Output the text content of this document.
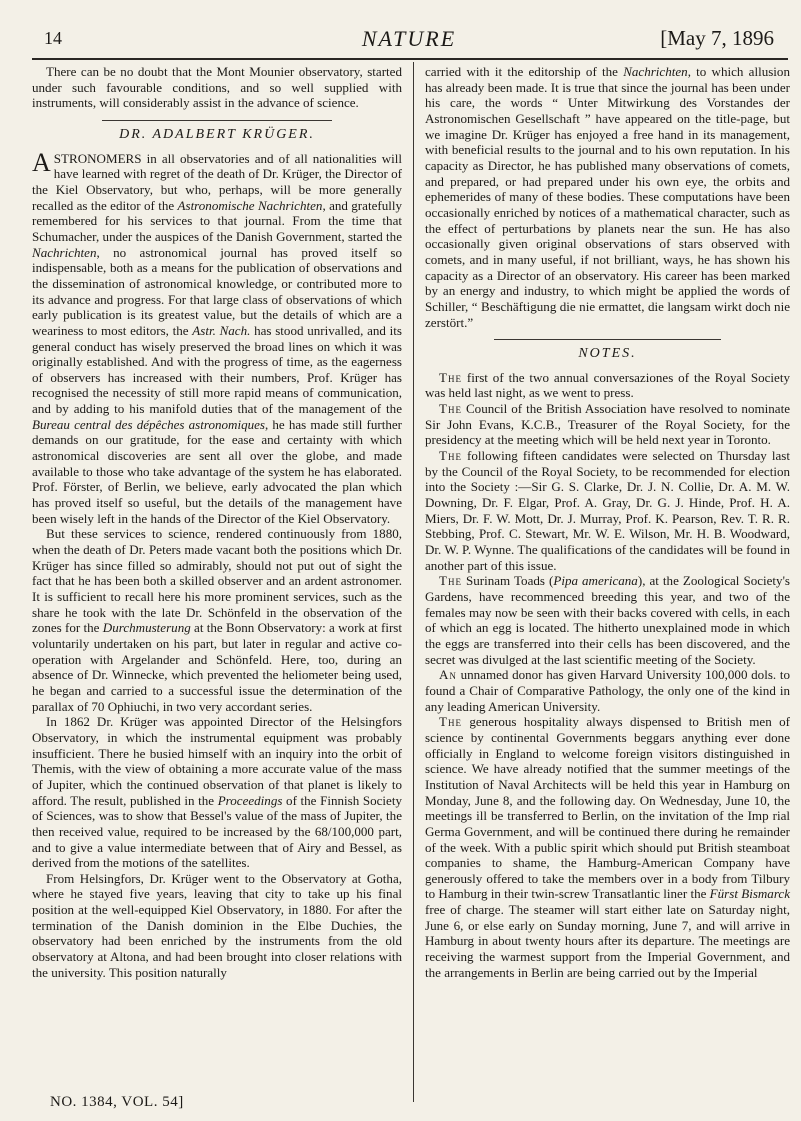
14	NATURE	[May 7, 1896

There can be no doubt that the Mont Mounier observatory, started under such favourable conditions, and so well supplied with instruments, will considerably assist in the advance of science.

DR. ADALBERT KRÜGER.

ASTRONOMERS in all observatories and of all nationalities will have learned with regret of the death of Dr. Krüger, the Director of the Kiel Observatory, but who, perhaps, will be more generally recalled as the editor of the Astronomische Nachrichten, and gratefully remembered for his services to that journal. From the time that Schumacher, under the auspices of the Danish Government, started the Nachrichten, no astronomical journal has proved itself so indispensable, both as a means for the publication of observations and the dissemination of astronomical knowledge, or contributed more to its advance and progress. For that large class of observations of which early publication is its greatest value, but the details of which are a weariness to most editors, the Astr. Nach. has stood unrivalled, and its general conduct has wisely preserved the broad lines on which it was originally established. And with the progress of time, as the eagerness of observers has increased with their numbers, Prof. Krüger has recognised the necessity of still more rapid means of communication, and by adding to his manifold duties that of the management of the Bureau central des dépêches astronomiques, he has made still further demands on our gratitude, for the ease and certainty with which astronomical discoveries are sent all over the globe, and made available to those who take advantage of the system he has elaborated. Prof. Förster, of Berlin, we believe, early advocated the plan which has proved itself so useful, but the details of the management have been wisely left in the hands of the Director of the Kiel Observatory.

But these services to science, rendered continuously from 1880, when the death of Dr. Peters made vacant both the positions which Dr. Krüger has since filled so admirably, should not put out of sight the fact that he has been both a skilled observer and an ardent astronomer. It is sufficient to recall here his more prominent services, such as the share he took with the late Dr. Schönfeld in the observation of the zones for the Durchmusterung at the Bonn Observatory: a work at first voluntarily undertaken on his part, but later in regular and active co-operation with Argelander and Schönfeld. Here, too, during an absence of Dr. Winnecke, which prevented the heliometer being used, he began and carried to a successful issue the determination of the parallax of 70 Ophiuchi, in two very accordant series.

In 1862 Dr. Krüger was appointed Director of the Helsingfors Observatory, in which the instrumental equipment was probably insufficient. There he busied himself with an inquiry into the orbit of Themis, with the view of obtaining a more accurate value of the mass of Jupiter, which the continued observation of that planet is likely to afford. The result, published in the Proceedings of the Finnish Society of Sciences, was to show that Bessel's value of the mass of Jupiter, the then received value, required to be increased by the 68/100,000 part, and to give a value intermediate between that of Airy and Bessel, as derived from the motions of the satellites.

From Helsingfors, Dr. Krüger went to the Observatory at Gotha, where he stayed five years, leaving that city to take up his final position at the well-equipped Kiel Observatory, in 1880. For after the termination of the Danish dominion in the Elbe Duchies, the observatory had been enriched by the instruments from the old observatory at Altona, and had been brought into closer relations with the university. This position naturally

carried with it the editorship of the Nachrichten, to which allusion has already been made. It is true that since the journal has been under his care, the words “ Unter Mitwirkung des Vorstandes der Astronomischen Gesellschaft ” have appeared on the title-page, but we imagine Dr. Krüger has enjoyed a free hand in its management, with beneficial results to the journal and to his own reputation. In his capacity as Director, he has published many observations of comets, and prepared, or had prepared under his own eye, the orbits and ephemerides of many of these bodies. These computations have been occasionally enriched by notices of a mathematical character, such as the effect of perturbations by planets near the sun. He has also occasionally given original observations of stars observed with comets, and in many useful, if not brilliant, ways, he has shown his capacity as a Director of an observatory. His career has been marked by an energy and industry, to which might be applied the words of Schiller, “ Beschäftigung die nie ermattet, die langsam wirkt doch nie zerstört.”

NOTES.

The first of the two annual conversaziones of the Royal Society was held last night, as we went to press.

The Council of the British Association have resolved to nominate Sir John Evans, K.C.B., Treasurer of the Royal Society, for the presidency at the meeting which will be held next year in Toronto.

The following fifteen candidates were selected on Thursday last by the Council of the Royal Society, to be recommended for election into the Society :—Sir G. S. Clarke, Dr. J. N. Collie, Dr. A. M. W. Downing, Dr. F. Elgar, Prof. A. Gray, Dr. G. J. Hinde, Prof. H. A. Miers, Dr. F. W. Mott, Dr. J. Murray, Prof. K. Pearson, Rev. T. R. R. Stebbing, Prof. C. Stewart, Mr. W. E. Wilson, Mr. H. B. Woodward, Dr. W. P. Wynne. The qualifications of the candidates will be found in another part of this issue.

The Surinam Toads (Pipa americana), at the Zoological Society's Gardens, have recommenced breeding this year, and two of the females may now be seen with their backs covered with cells, in each of which an egg is located. The hitherto unexplained mode in which the eggs are transferred into their cells has been discovered, and the secret was divulged at the last scientific meeting of the Society.

An unnamed donor has given Harvard University 100,000 dols. to found a Chair of Comparative Pathology, the only one of the kind in any leading American University.

The generous hospitality always dispensed to British men of science by continental Governments beggars anything ever done officially in England to welcome foreign visitors distinguished in science. We have already notified that the summer meetings of the Institution of Naval Architects will be held this year in Hamburg on Monday, June 8, and the following day. On Wednesday, June 10, the meetings ill be transferred to Berlin, on the invitation of the Imp rial Germa Government, and will be continued there during he remainder of the week. With a public spirit which should put British steamboat companies to shame, the Hamburg-American Company have generously offered to take the members over in a body from Tilbury to Hamburg in their twin-screw Transatlantic liner the Fürst Bismarck free of charge. The steamer will start either late on Saturday night, June 6, or else early on Sunday morning, June 7, and will arrive in Hamburg in about twenty hours after its departure. The meetings are receiving the warmest support from the Imperial Government, and the arrangements in Berlin are being carried out by the Imperial

NO. 1384, VOL. 54]
